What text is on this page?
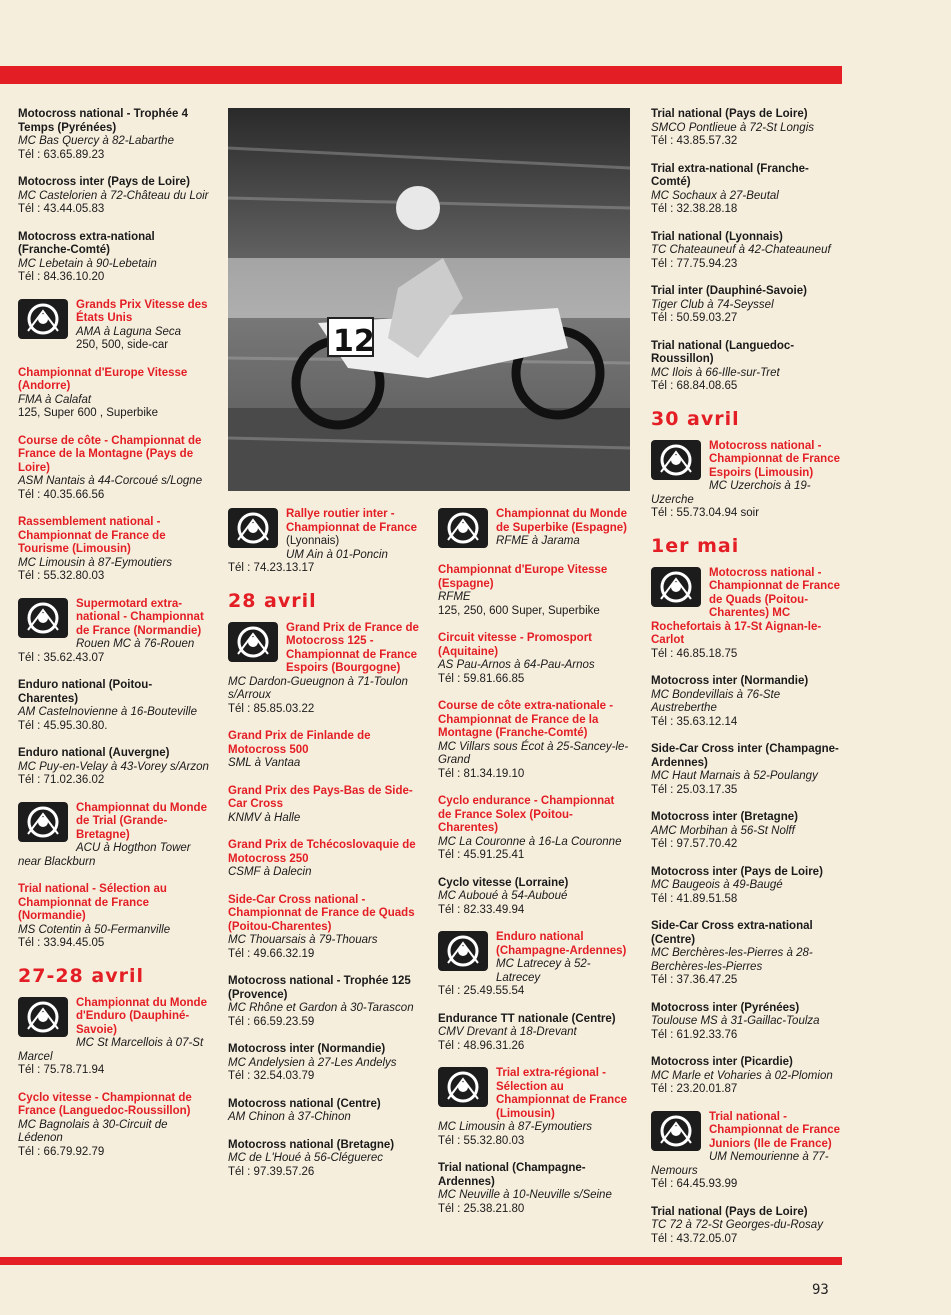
Motocross national - Trophée 4 Temps (Pyrénées)
MC Bas Quercy à 82-Labarthe
Tél : 63.65.89.23
Motocross inter (Pays de Loire)
MC Castelorien à 72-Château du Loir
Tél : 43.44.05.83
Motocross extra-national (Franche-Comté)
MC Lebetain à 90-Lebetain
Tél : 84.36.10.20
Grands Prix Vitesse des États Unis
AMA à Laguna Seca
250, 500, side-car
Championnat d'Europe Vitesse (Andorre)
FMA à Calafat
125, Super 600 , Superbike
Course de côte - Championnat de France de la Montagne (Pays de Loire)
ASM Nantais à 44-Corcoué s/Logne
Tél : 40.35.66.56
Rassemblement national - Championnat de France de Tourisme (Limousin)
MC Limousin à 87-Eymoutiers
Tél : 55.32.80.03
Supermotard extra-national - Championnat de France (Normandie)
Rouen MC à 76-Rouen
Tél : 35.62.43.07
Enduro national (Poitou-Charentes)
AM Castelnovienne à 16-Bouteville
Tél : 45.95.30.80.
Enduro national (Auvergne)
MC Puy-en-Velay à 43-Vorey s/Arzon
Tél : 71.02.36.02
Championnat du Monde de Trial (Grande-Bretagne)
ACU à Hogthon Tower near Blackburn
Trial national - Sélection au Championnat de France (Normandie)
MS Cotentin à 50-Fermanville
Tél : 33.94.45.05
27-28 avril
Championnat du Monde d'Enduro (Dauphiné-Savoie)
MC St Marcellois à 07-St Marcel
Tél : 75.78.71.94
Cyclo vitesse - Championnat de France (Languedoc-Roussillon)
MC Bagnolais à 30-Circuit de Lédenon
Tél : 66.79.92.79
12
Rallye routier inter - Championnat de France
(Lyonnais)
UM Ain à 01-Poncin
Tél : 74.23.13.17
28 avril
Grand Prix de France de Motocross 125 - Championnat de France Espoirs (Bourgogne)
MC Dardon-Gueugnon à 71-Toulon s/Arroux
Tél : 85.85.03.22
Grand Prix de Finlande de Motocross 500
SML à Vantaa
Grand Prix des Pays-Bas de Side-Car Cross
KNMV à Halle
Grand Prix de Tchécoslovaquie de Motocross 250
CSMF à Dalecin
Side-Car Cross national - Championnat de France de Quads (Poitou-Charentes)
MC Thouarsais à 79-Thouars
Tél : 49.66.32.19
Motocross national - Trophée 125 (Provence)
MC Rhône et Gardon à 30-Tarascon
Tél : 66.59.23.59
Motocross inter (Normandie)
MC Andelysien à 27-Les Andelys
Tél : 32.54.03.79
Motocross national (Centre)
AM Chinon à 37-Chinon
Motocross national (Bretagne)
MC de L'Houé à 56-Cléguerec
Tél : 97.39.57.26
Championnat du Monde de Superbike (Espagne)
RFME à Jarama
Championnat d'Europe Vitesse (Espagne)
RFME
125, 250, 600 Super, Superbike
Circuit vitesse - Promosport (Aquitaine)
AS Pau-Arnos à 64-Pau-Arnos
Tél : 59.81.66.85
Course de côte extra-nationale - Championnat de France de la Montagne (Franche-Comté)
MC Villars sous Écot à 25-Sancey-le-Grand
Tél : 81.34.19.10
Cyclo endurance - Championnat de France Solex (Poitou-Charentes)
MC La Couronne à 16-La Couronne
Tél : 45.91.25.41
Cyclo vitesse (Lorraine)
MC Auboué à 54-Auboué
Tél : 82.33.49.94
Enduro national (Champagne-Ardennes)
MC Latrecey à 52-Latrecey
Tél : 25.49.55.54
Endurance TT nationale (Centre)
CMV Drevant à 18-Drevant
Tél : 48.96.31.26
Trial extra-régional - Sélection au Championnat de France (Limousin)
MC Limousin à 87-Eymoutiers
Tél : 55.32.80.03
Trial national (Champagne-Ardennes)
MC Neuville à 10-Neuville s/Seine
Tél : 25.38.21.80
Trial national (Pays de Loire)
SMCO Pontlieue à 72-St Longis
Tél : 43.85.57.32
Trial extra-national (Franche-Comté)
MC Sochaux à 27-Beutal
Tél : 32.38.28.18
Trial national (Lyonnais)
TC Chateauneuf à 42-Chateauneuf
Tél : 77.75.94.23
Trial inter (Dauphiné-Savoie)
Tiger Club à 74-Seyssel
Tél : 50.59.03.27
Trial national (Languedoc-Roussillon)
MC Ilois à 66-Ille-sur-Tret
Tél : 68.84.08.65
30 avril
Motocross national - Championnat de France Espoirs (Limousin)
MC Uzerchois à 19-Uzerche
Tél : 55.73.04.94 soir
1er mai
Motocross national - Championnat de France de Quads (Poitou-Charentes) MC Rochefortais à 17-St Aignan-le-Carlot
Tél : 46.85.18.75
Motocross inter (Normandie)
MC Bondevillais à 76-Ste Austreberthe
Tél : 35.63.12.14
Side-Car Cross inter (Champagne-Ardennes)
MC Haut Marnais à 52-Poulangy
Tél : 25.03.17.35
Motocross inter (Bretagne)
AMC Morbihan à 56-St Nolff
Tél : 97.57.70.42
Motocross inter (Pays de Loire)
MC Baugeois à 49-Baugé
Tél : 41.89.51.58
Side-Car Cross extra-national (Centre)
MC Berchères-les-Pierres à 28-Berchères-les-Pierres
Tél : 37.36.47.25
Motocross inter (Pyrénées)
Toulouse MS à 31-Gaillac-Toulza
Tél : 61.92.33.76
Motocross inter (Picardie)
MC Marle et Voharies à 02-Plomion
Tél : 23.20.01.87
Trial national - Championnat de France Juniors (Ile de France)
UM Nemourienne à 77-Nemours
Tél : 64.45.93.99
Trial national (Pays de Loire)
TC 72 à 72-St Georges-du-Rosay
Tél : 43.72.05.07
93
